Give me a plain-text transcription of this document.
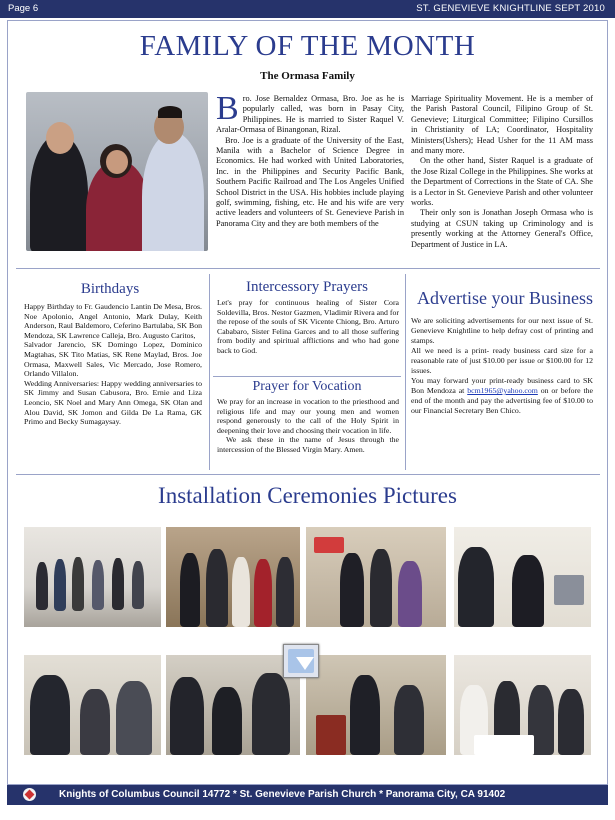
Page 6	ST. GENEVIEVE KNIGHTLINE SEPT 2010
FAMILY OF THE MONTH
The Ormasa Family
B ro. Jose Bernaldez Ormasa, Bro. Joe as he is popularly called, was born in Pasay City, Philippines. He is married to Sister Raquel V. Aralar-Ormasa of Binangonan, Rizal.

Bro. Joe is a graduate of the University of the East, Manila with a Bachelor of Science Degree in Economics. He had worked with United Laboratories, Inc. in the Philippines and Security Pacific Bank, Southern Pacific Railroad and The Los Angeles Unified School District in the USA. His hobbies include playing golf, swimming, fishing, etc. He and his wife are very active leaders and volunteers of St. Genevieve Parish in Panorama City and they are both members of the

Marriage Spirituality Movement. He is a member of the Parish Pastoral Council, Filipino Group of St. Genevieve; Liturgical Committee; Filipino Cursillos in Christianity of LA; Coordinator, Hospitality Ministers(Ushers); Head Usher for the 11 AM mass and many more.

On the other hand, Sister Raquel is a graduate of the Jose Rizal College in the Philippines. She works at the Department of Corrections in the State of CA. She is a Lector in St. Genevieve Parish and other volunteer works.

Their only son is Jonathan Joseph Ormasa who is studying at CSUN taking up Criminology and is presently working at the Attorney General's Office, Department of Justice in LA.

Birthdays

Happy Birthday to Fr. Gaudencio Lantin De Mesa, Bros. Noe Apolonio, Angel Antonio, Mark Dulay, Keith Anderson, Raul Baldemoro, Ceferino Bartulaba, SK Bon Mendoza, SK Lawrence Calleja, Bro. Augusto Caritos,

Salvador Jarencio, SK Domingo Lopez, Dominico Magtahas, SK Tito Matias, SK Rene Maylad, Bros. Joe Ormasa, Maxwell Sales, Vic Mercado, Jose Romero, Orlando Villalon.

Wedding Anniversaries: Happy wedding anniversaries to SK Jimmy and Susan Cabusora, Bro. Ernie and Liza Leoncio, SK Noel and Mary Ann Omega, SK Olan and Alou David, SK Jomon and Gilda De La Rama, GK Primo and Becky Sumagaysay.

Intercessory Prayers

Let's pray for continuous healing of Sister Cora Soldevilla, Bros. Nestor Gazmen, Vladimir Rivera and for the repose of the souls of SK Vicente Chiong, Bro. Arturo Cababaro, Sister Felina Garces and to all those suffering from bodily and spiritual afflictions and who had gone back to God.

Prayer for Vocation

We pray for an increase in vocation to the priesthood and religious life and may our young men and women respond generously to the call of the Holy Spirit in deepening their love and choosing their vocation in life.

We ask these in the name of Jesus through the intercession of the Blessed Virgin Mary. Amen.

Advertise your Business

We are soliciting advertisements for our next issue of St. Genevieve Knightline to help defray cost of printing and stamps.

All we need is a print- ready business card size for a reasonable rate of just $10.00 per issue or $100.00 for 12 issues.

You may forward your print-ready business card to SK Bon Mendoza at bcm1965@yahoo.com on or before the end of the month and pay the advertising fee of $10.00 to our Financial Secretary Ben Chico.

Installation Ceremonies Pictures
Knights of Columbus Council 14772 * St. Genevieve Parish Church * Panorama City, CA 91402
